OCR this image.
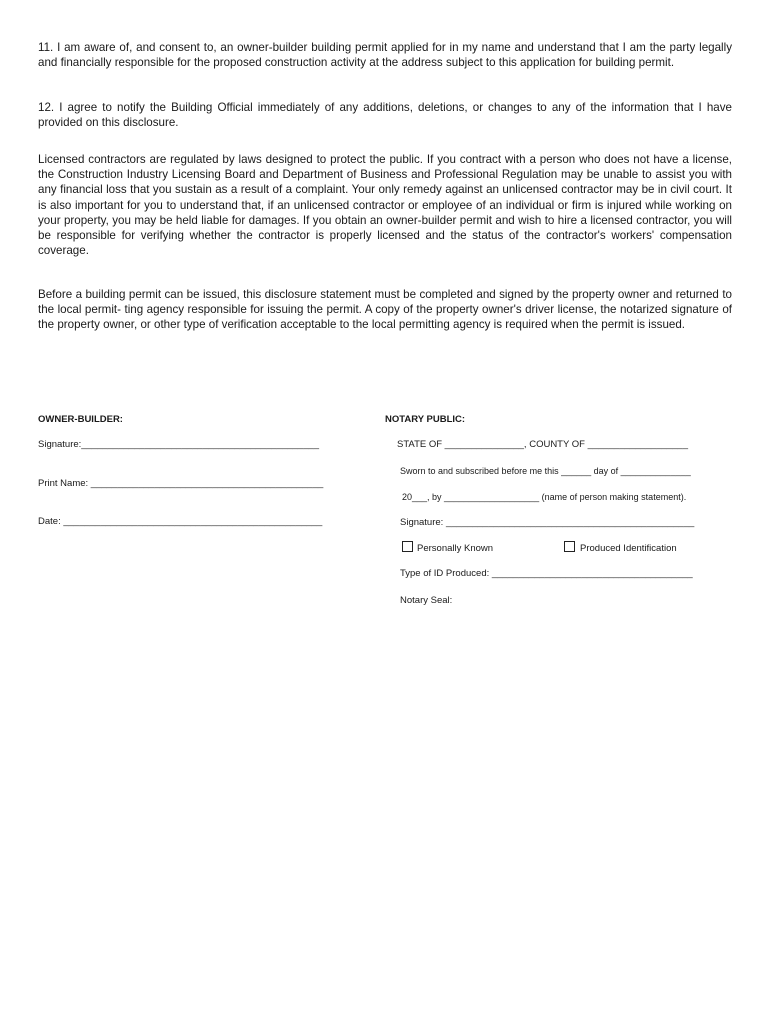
11. I am aware of, and consent to, an owner-builder building permit applied for in my name and understand that I am the party legally and financially responsible for the proposed construction activity at the address subject to this application for building permit.

12. I agree to notify the Building Official immediately of any additions, deletions, or changes to any of the information that I have provided on this disclosure.

Licensed contractors are regulated by laws designed to protect the public. If you contract with a person who does not have a license, the Construction Industry Licensing Board and Department of Business and Professional Regulation may be unable to assist you with any financial loss that you sustain as a result of a complaint. Your only remedy against an unlicensed contractor may be in civil court. It is also important for you to understand that, if an unlicensed contractor or employee of an individual or firm is injured while working on your property, you may be held liable for damages. If you obtain an owner-builder permit and wish to hire a licensed contractor, you will be responsible for verifying whether the contractor is properly licensed and the status of the contractor's workers' compensation coverage.

Before a building permit can be issued, this disclosure statement must be completed and signed by the property owner and returned to the local permit- ting agency responsible for issuing the permit. A copy of the property owner's driver license, the notarized signature of the property owner, or other type of verification acceptable to the local permitting agency is required when the permit is issued.

OWNER-BUILDER:

Signature:_____________________________________________

Print Name: ____________________________________________

Date: _________________________________________________

NOTARY PUBLIC:

STATE OF _______________, COUNTY OF ___________________

Sworn to and subscribed before me this ______ day of ______________

20___, by ___________________ (name of person making statement).

Signature: _______________________________________________

Personally Known	Produced Identification

Type of ID Produced: ______________________________________

Notary Seal:
